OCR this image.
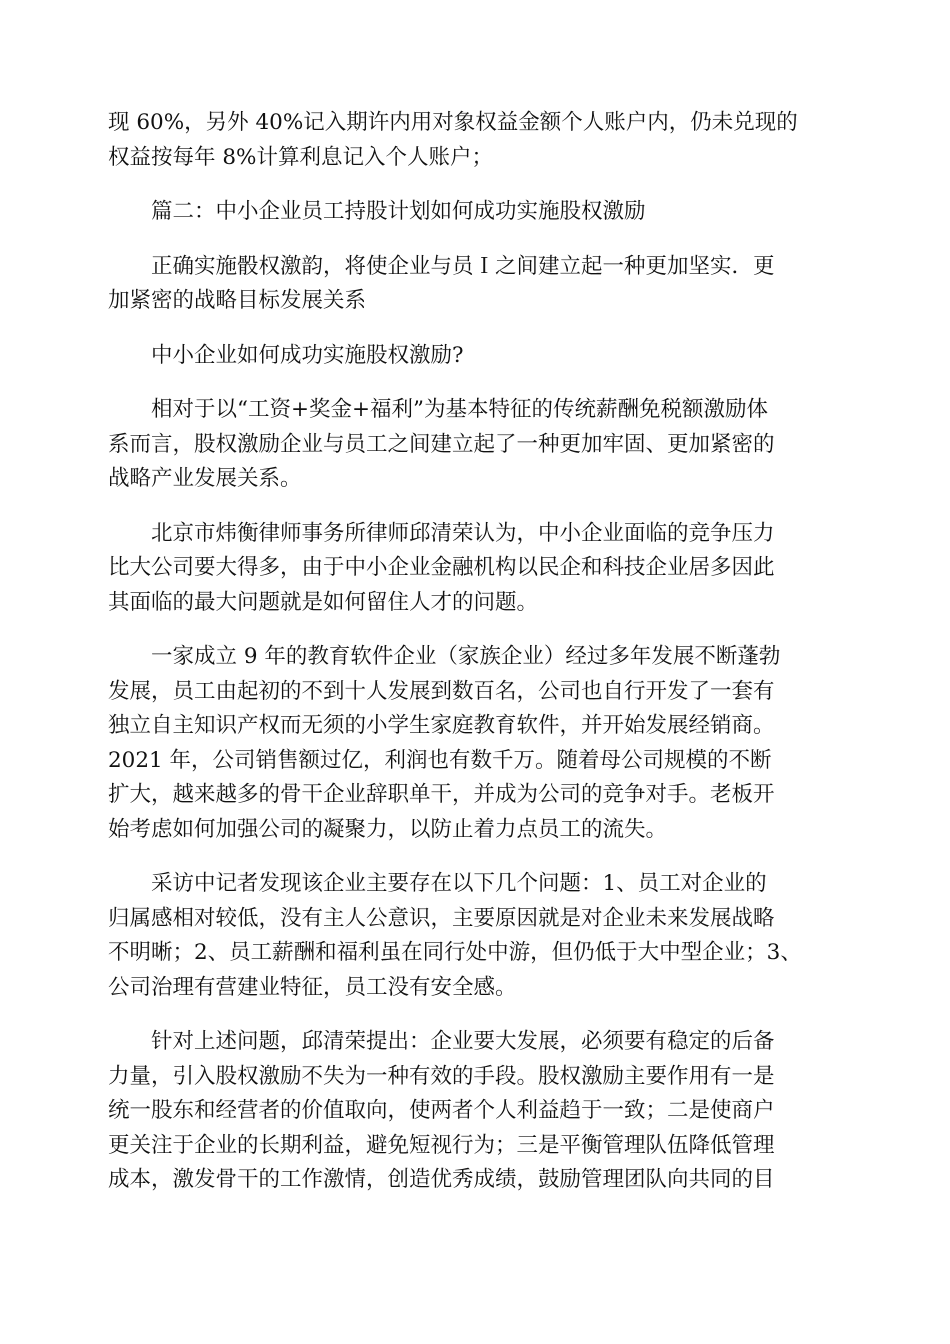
现 60%，另外 40%记入期许内用对象权益金额个人账户内，仍未兑现的
权益按每年 8%计算利息记入个人账户；

篇二：中小企业员工持股计划如何成功实施股权激励

正确实施骰权激韵，将使企业与员Ｉ之间建立起一种更加坚实．更
加紧密的战略目标发展关系

中小企业如何成功实施股权激励?

相对于以“工资+奖金+福利”为基本特征的传统薪酬免税额激励体
系而言，股权激励企业与员工之间建立起了一种更加牢固、更加紧密的
战略产业发展关系。

北京市炜衡律师事务所律师邱清荣认为，中小企业面临的竞争压力
比大公司要大得多，由于中小企业金融机构以民企和科技企业居多因此
其面临的最大问题就是如何留住人才的问题。

一家成立 9 年的教育软件企业（家族企业）经过多年发展不断蓬勃
发展，员工由起初的不到十人发展到数百名，公司也自行开发了一套有
独立自主知识产权而无须的小学生家庭教育软件，并开始发展经销商。
2021 年，公司销售额过亿，利润也有数千万。随着母公司规模的不断
扩大，越来越多的骨干企业辞职单干，并成为公司的竞争对手。老板开
始考虑如何加强公司的凝聚力，以防止着力点员工的流失。

采访中记者发现该企业主要存在以下几个问题：1、员工对企业的
归属感相对较低，没有主人公意识，主要原因就是对企业未来发展战略
不明晰；2、员工薪酬和福利虽在同行处中游，但仍低于大中型企业；3、
公司治理有营建业特征，员工没有安全感。

针对上述问题，邱清荣提出：企业要大发展，必须要有稳定的后备
力量，引入股权激励不失为一种有效的手段。股权激励主要作用有一是
统一股东和经营者的价值取向，使两者个人利益趋于一致；二是使商户
更关注于企业的长期利益，避免短视行为；三是平衡管理队伍降低管理
成本，激发骨干的工作激情，创造优秀成绩，鼓励管理团队向共同的目
